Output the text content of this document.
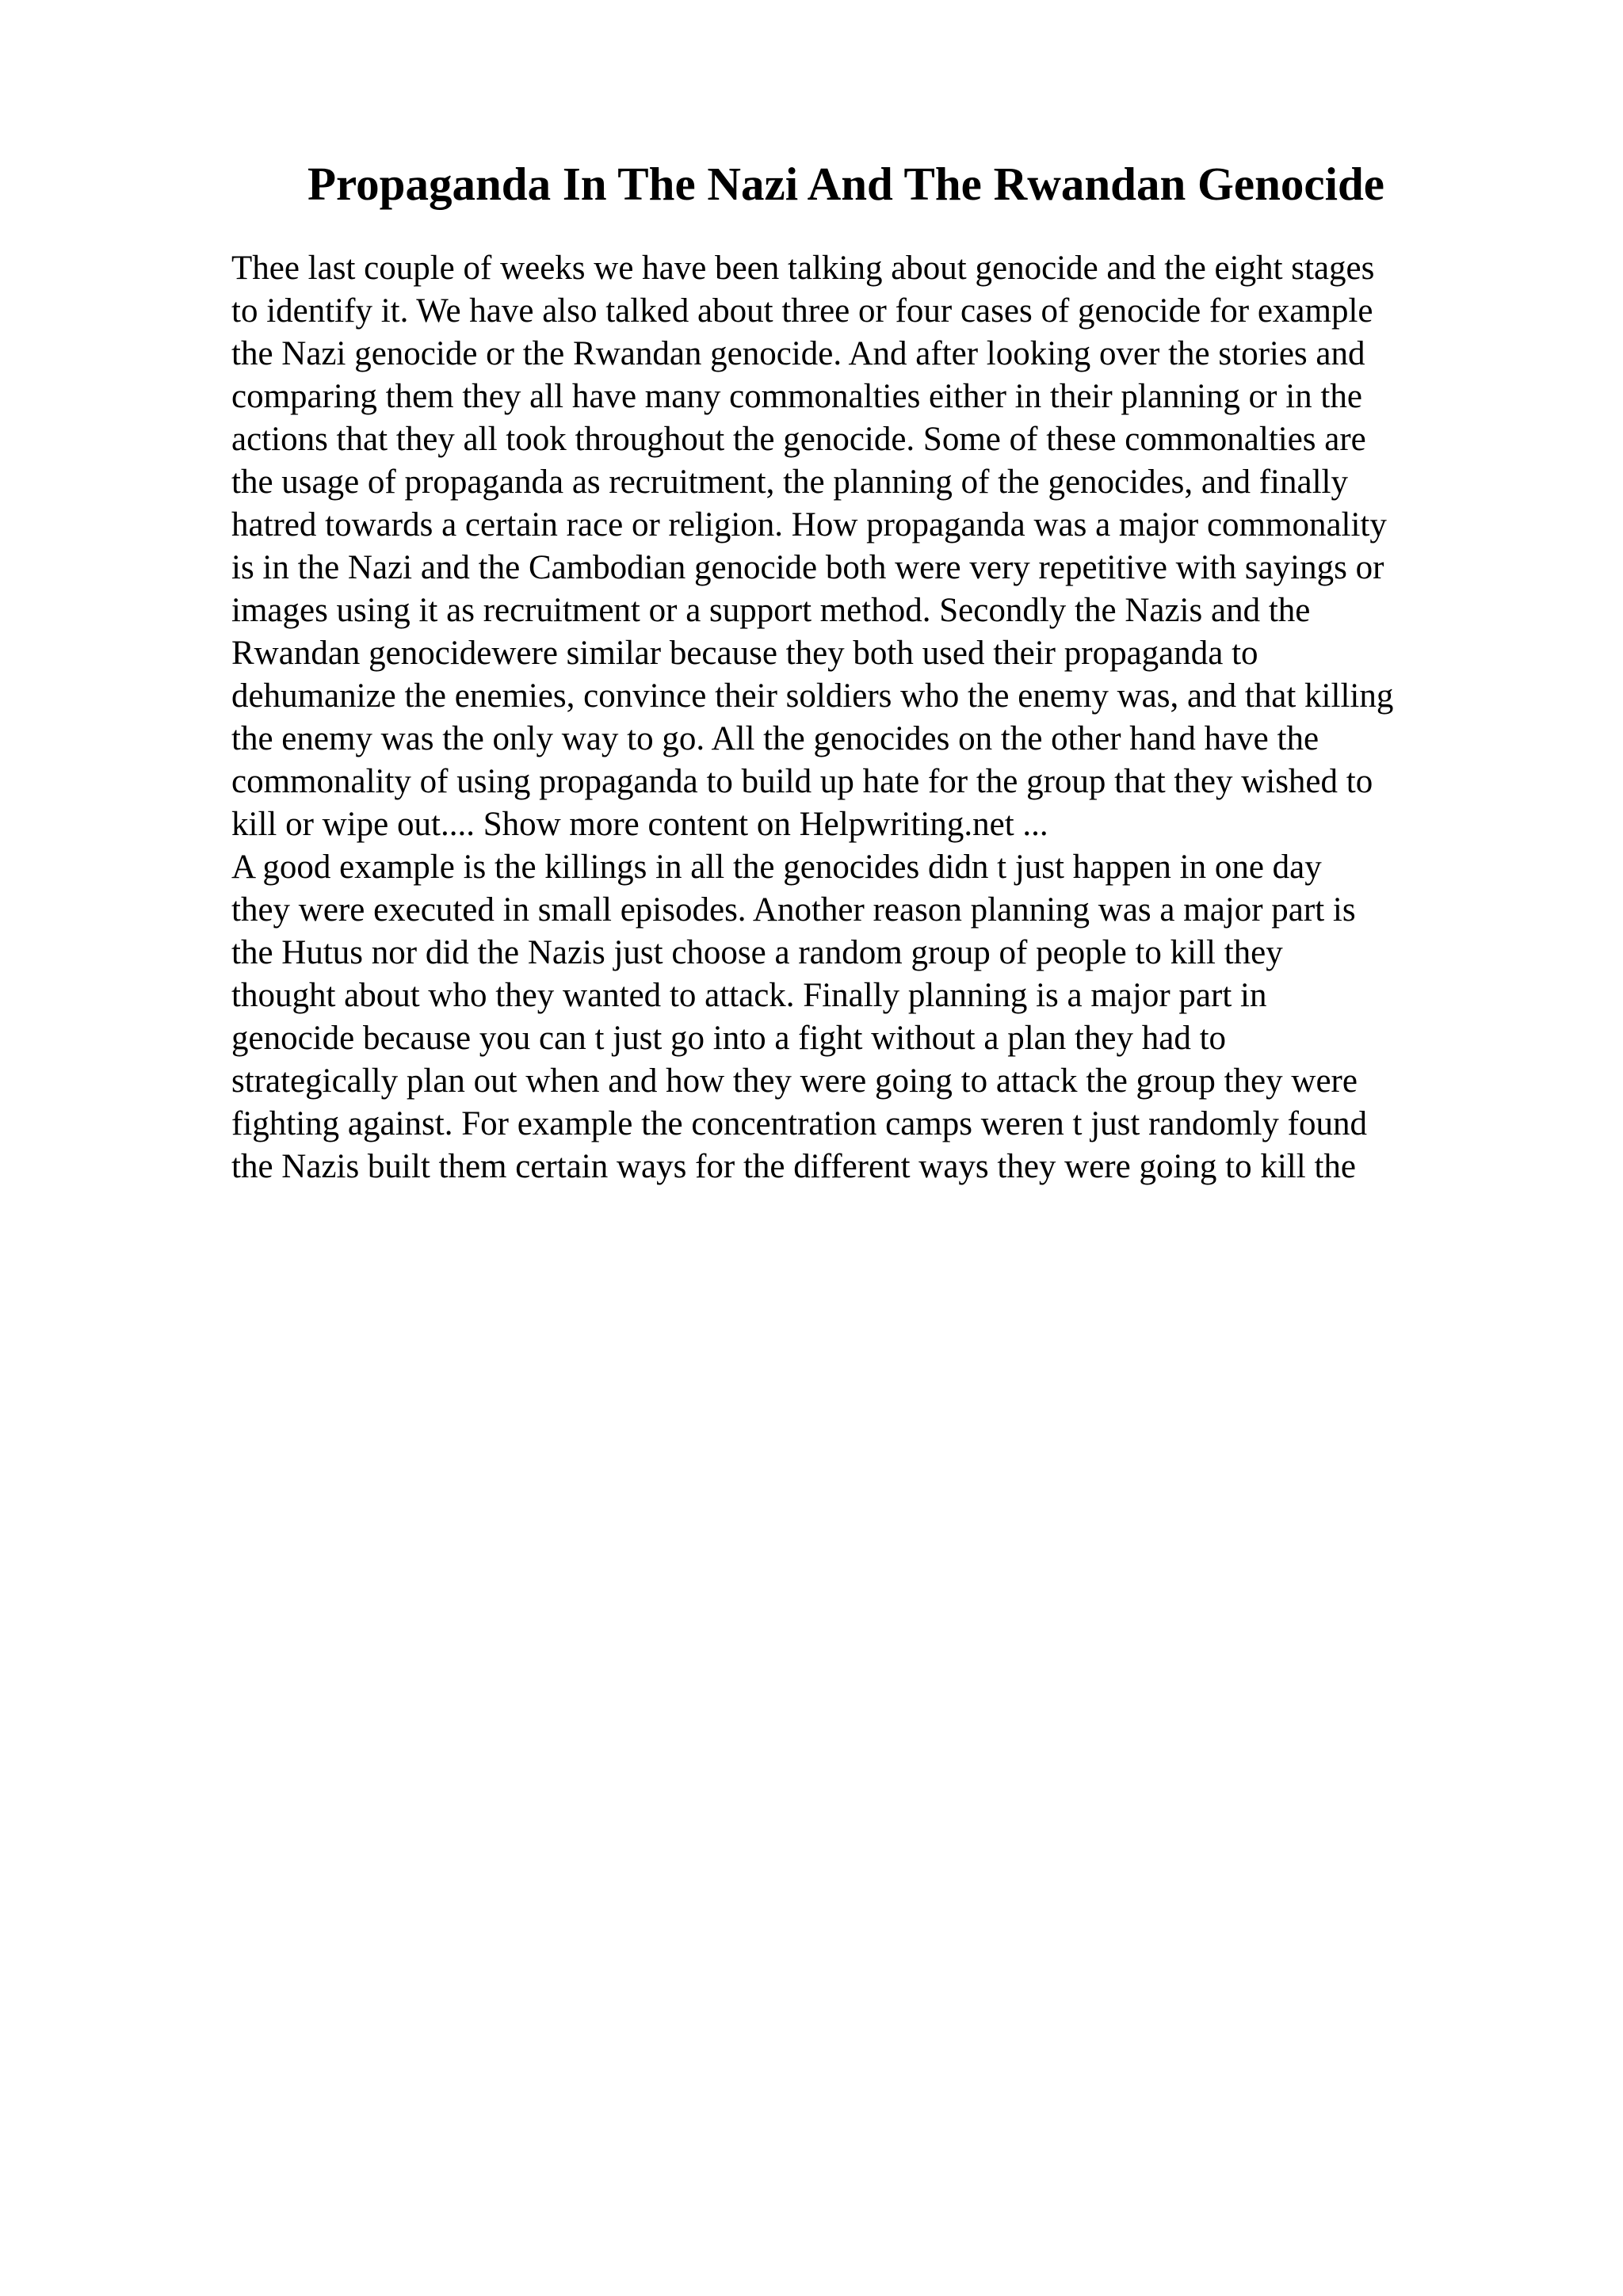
Propaganda In The Nazi And The Rwandan Genocide
Thee last couple of weeks we have been talking about genocide and the eight stages
to identify it. We have also talked about three or four cases of genocide for example
the Nazi genocide or the Rwandan genocide. And after looking over the stories and
comparing them they all have many commonalties either in their planning or in the
actions that they all took throughout the genocide. Some of these commonalties are
the usage of propaganda as recruitment, the planning of the genocides, and finally
hatred towards a certain race or religion. How propaganda was a major commonality
is in the Nazi and the Cambodian genocide both were very repetitive with sayings or
images using it as recruitment or a support method. Secondly the Nazis and the
Rwandan genocidewere similar because they both used their propaganda to
dehumanize the enemies, convince their soldiers who the enemy was, and that killing
the enemy was the only way to go. All the genocides on the other hand have the
commonality of using propaganda to build up hate for the group that they wished to
kill or wipe out.... Show more content on Helpwriting.net ...
A good example is the killings in all the genocides didn t just happen in one day
they were executed in small episodes. Another reason planning was a major part is
the Hutus nor did the Nazis just choose a random group of people to kill they
thought about who they wanted to attack. Finally planning is a major part in
genocide because you can t just go into a fight without a plan they had to
strategically plan out when and how they were going to attack the group they were
fighting against. For example the concentration camps weren t just randomly found
the Nazis built them certain ways for the different ways they were going to kill the
